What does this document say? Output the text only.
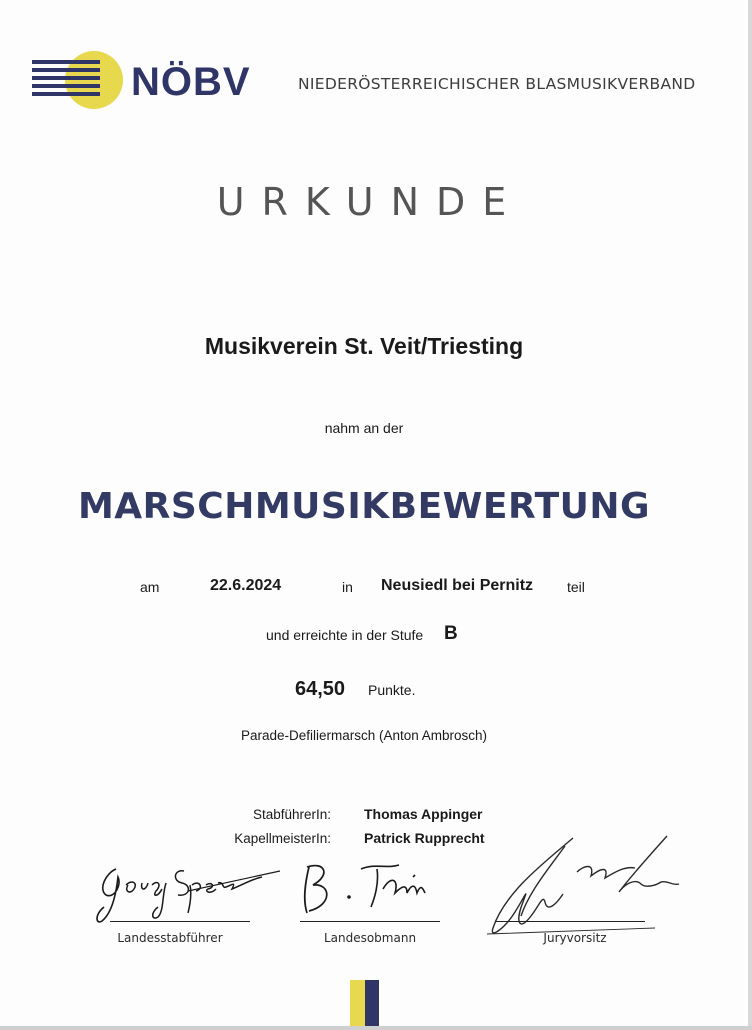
NÖBV	NIEDERÖSTERREICHISCHER BLASMUSIKVERBAND
URKUNDE
Musikverein St. Veit/Triesting
nahm an der
MARSCHMUSIKBEWERTUNG
am	22.6.2024	in Neusiedl bei Pernitz teil
und erreichte in der Stufe B
64,50 Punkte.
Parade-Defiliermarsch (Anton Ambrosch)
StabführerIn: Thomas Appinger
KapellmeisterIn: Patrick Rupprecht
Landesstabführer	Landesobmann	Juryvorsitz
